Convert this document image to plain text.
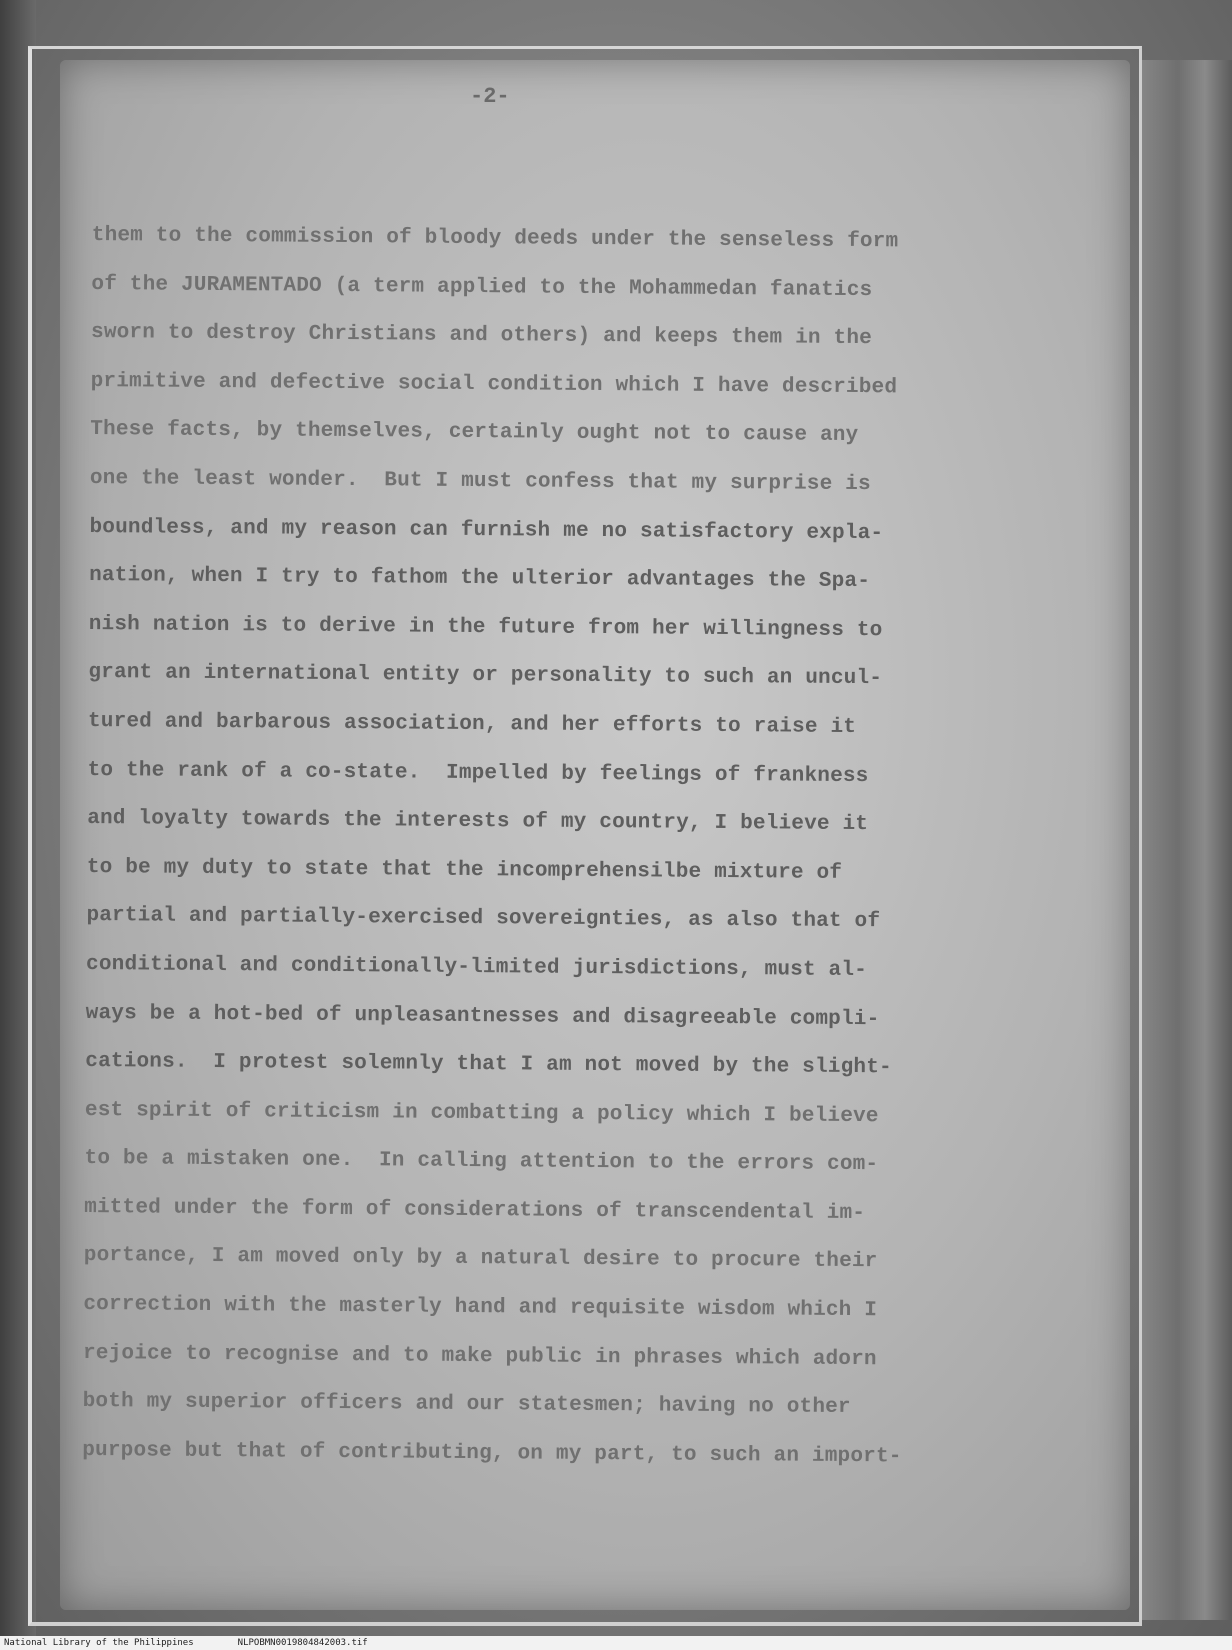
-2-
them to the commission of bloody deeds under the senseless form
of the JURAMENTADO (a term applied to the Mohammedan fanatics
sworn to destroy Christians and others) and keeps them in the
primitive and defective social condition which I have described
These facts, by themselves, certainly ought not to cause any
one the least wonder.  But I must confess that my surprise is
boundless, and my reason can furnish me no satisfactory expla-
nation, when I try to fathom the ulterior advantages the Spa-
nish nation is to derive in the future from her willingness to
grant an international entity or personality to such an uncul-
tured and barbarous association, and her efforts to raise it
to the rank of a co-state.  Impelled by feelings of frankness
and loyalty towards the interests of my country, I believe it
to be my duty to state that the incomprehensilbe mixture of
partial and partially-exercised sovereignties, as also that of
conditional and conditionally-limited jurisdictions, must al-
ways be a hot-bed of unpleasantnesses and disagreeable compli-
cations.  I protest solemnly that I am not moved by the slight-
est spirit of criticism in combatting a policy which I believe
to be a mistaken one.  In calling attention to the errors com-
mitted under the form of considerations of transcendental im-
portance, I am moved only by a natural desire to procure their
correction with the masterly hand and requisite wisdom which I
rejoice to recognise and to make public in phrases which adorn
both my superior officers and our statesmen; having no other
purpose but that of contributing, on my part, to such an import-
National Library of the Philippines	NLPOBMN0019804842003.tif
